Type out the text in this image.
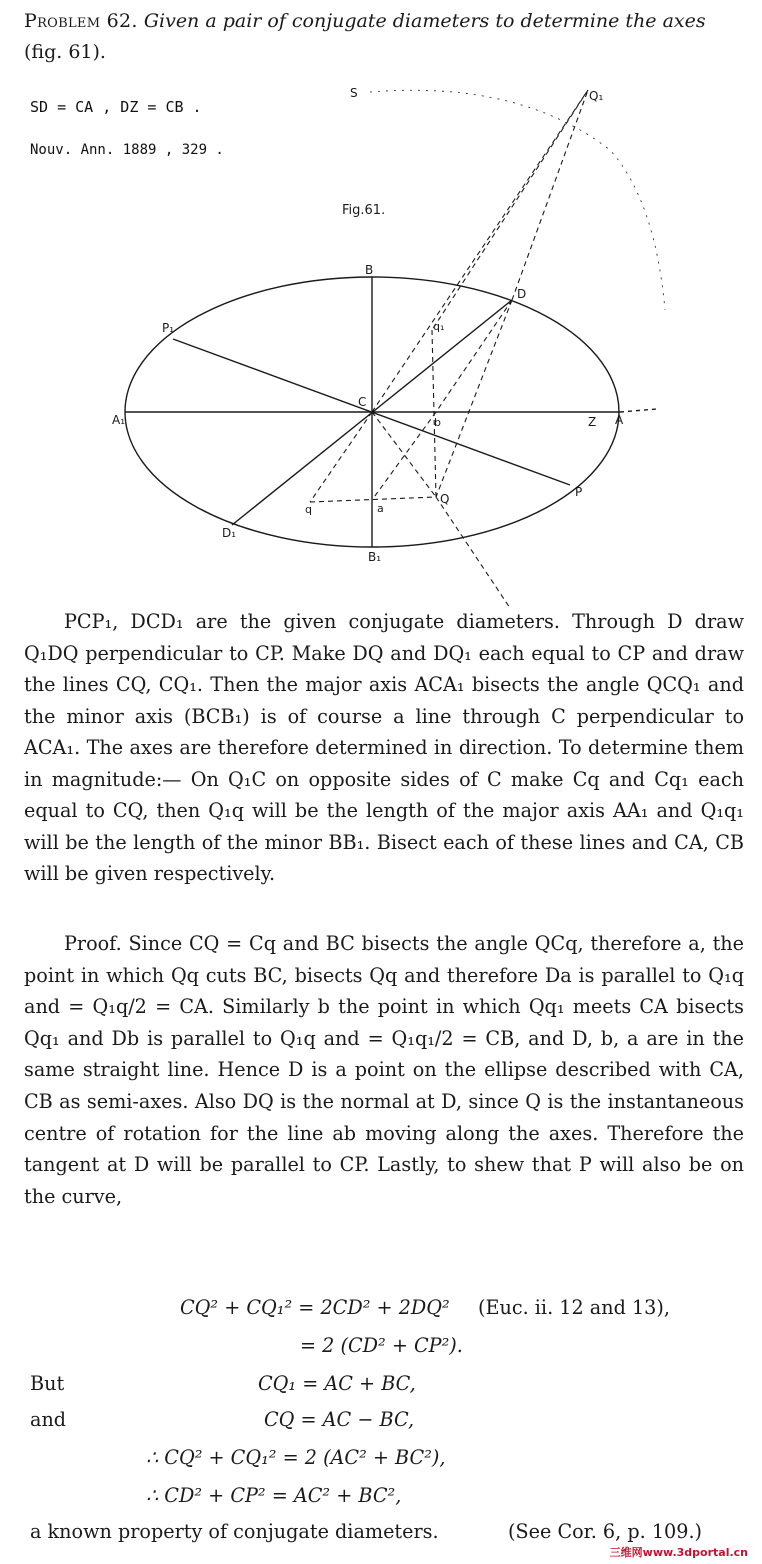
Problem 62. Given a pair of conjugate diameters to determine the axes (fig. 61).
SD = CA , DZ = CB .
Nouv. Ann. 1889 , 329 .
S	Q₁
Fig.61.
B
D
P₁	q₁
A₁
C
b	Z A
q	a
Q	P
D₁
B₁

PCP₁, DCD₁ are the given conjugate diameters. Through D draw Q₁DQ perpendicular to CP. Make DQ and DQ₁ each equal to CP and draw the lines CQ, CQ₁. Then the major axis ACA₁ bisects the angle QCQ₁ and the minor axis (BCB₁) is of course a line through C perpendicular to ACA₁. The axes are therefore determined in direction. To determine them in magnitude:— On Q₁C on opposite sides of C make Cq and Cq₁ each equal to CQ, then Q₁q will be the length of the major axis AA₁ and Q₁q₁ will be the length of the minor BB₁. Bisect each of these lines and CA, CB will be given respectively.

Proof. Since CQ = Cq and BC bisects the angle QCq, therefore a, the point in which Qq cuts BC, bisects Qq and therefore Da is parallel to Q₁q and = Q₁q/2 = CA. Similarly b the point in which Qq₁ meets CA bisects Qq₁ and Db is parallel to Q₁q and = Q₁q₁/2 = CB, and D, b, a are in the same straight line. Hence D is a point on the ellipse described with CA, CB as semi-axes. Also DQ is the normal at D, since Q is the instantaneous centre of rotation for the line ab moving along the axes. Therefore the tangent at D will be parallel to CP. Lastly, to shew that P will also be on the curve,

CQ² + CQ₁² = 2CD² + 2DQ² (Euc. ii. 12 and 13),
= 2 (CD² + CP²).
But	CQ₁ = AC + BC,
and	CQ = AC − BC,
∴ CQ² + CQ₁² = 2 (AC² + BC²),
∴ CD² + CP² = AC² + BC²,
a known property of conjugate diameters.	(See Cor. 6, p. 109.)
三维网www.3dportal.cn
